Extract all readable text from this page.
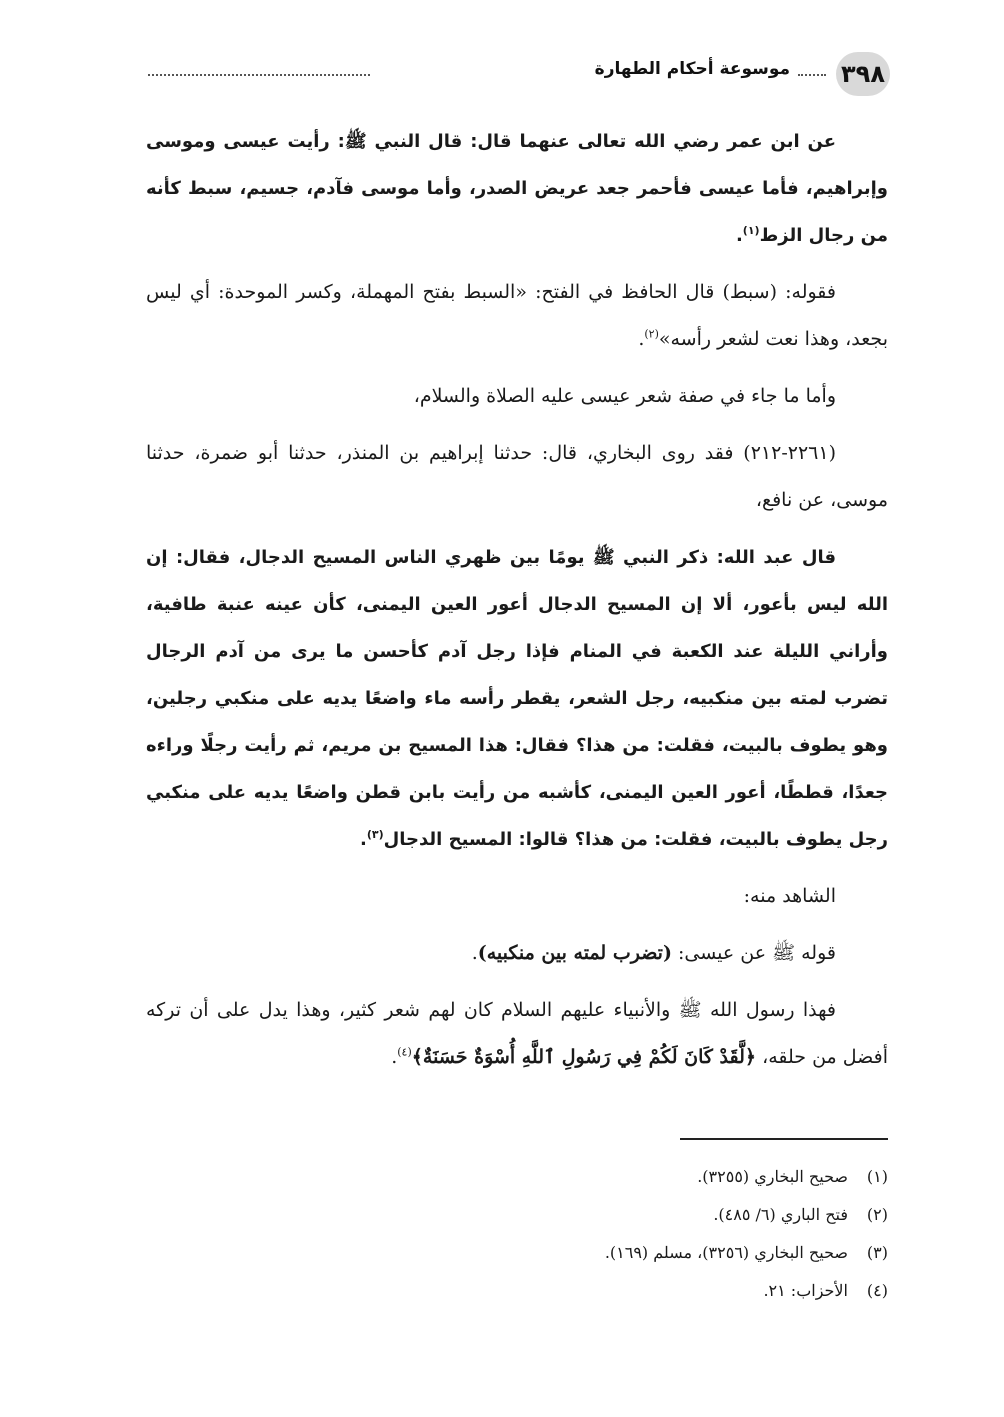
٣٩٨
موسوعة أحكام الطهارة

عن ابن عمر رضي الله تعالى عنهما قال: قال النبي ﷺ: رأيت عيسى وموسى وإبراهيم، فأما عيسى فأحمر جعد عريض الصدر، وأما موسى فآدم، جسيم، سبط كأنه من رجال الزط$^{(١)}$.

فقوله: (سبط) قال الحافظ في الفتح: «السبط بفتح المهملة، وكسر الموحدة: أي ليس بجعد، وهذا نعت لشعر رأسه»$^{(٢)}$.

وأما ما جاء في صفة شعر عيسى عليه الصلاة والسلام،

(٢٢٦١-٢١٢) فقد روى البخاري، قال: حدثنا إبراهيم بن المنذر، حدثنا أبو ضمرة، حدثنا موسى، عن نافع،

قال عبد الله: ذكر النبي ﷺ يومًا بين ظهري الناس المسيح الدجال، فقال: إن الله ليس بأعور، ألا إن المسيح الدجال أعور العين اليمنى، كأن عينه عنبة طافية، وأراني الليلة عند الكعبة في المنام فإذا رجل آدم كأحسن ما يرى من آدم الرجال تضرب لمته بين منكبيه، رجل الشعر، يقطر رأسه ماء واضعًا يديه على منكبي رجلين، وهو يطوف بالبيت، فقلت: من هذا؟ فقال: هذا المسيح بن مريم، ثم رأيت رجلًا وراءه جعدًا، قططًا، أعور العين اليمنى، كأشبه من رأيت بابن قطن واضعًا يديه على منكبي رجل يطوف بالبيت، فقلت: من هذا؟ قالوا: المسيح الدجال$^{(٣)}$.

الشاهد منه:

قوله ﷺ عن عيسى: (تضرب لمته بين منكبيه).

فهذا رسول الله ﷺ والأنبياء عليهم السلام كان لهم شعر كثير، وهذا يدل على أن تركه أفضل من حلقه، ﴿لَّقَدْ كَانَ لَكُمْ فِي رَسُولِ ٱللَّهِ أُسْوَةٌ حَسَنَةٌ﴾$^{(٤)}$.

(١)صحيح البخاري (٣٢٥٥).
(٢)فتح الباري (٦/ ٤٨٥).
(٣)صحيح البخاري (٣٢٥٦)، مسلم (١٦٩).
(٤)الأحزاب: ٢١.
